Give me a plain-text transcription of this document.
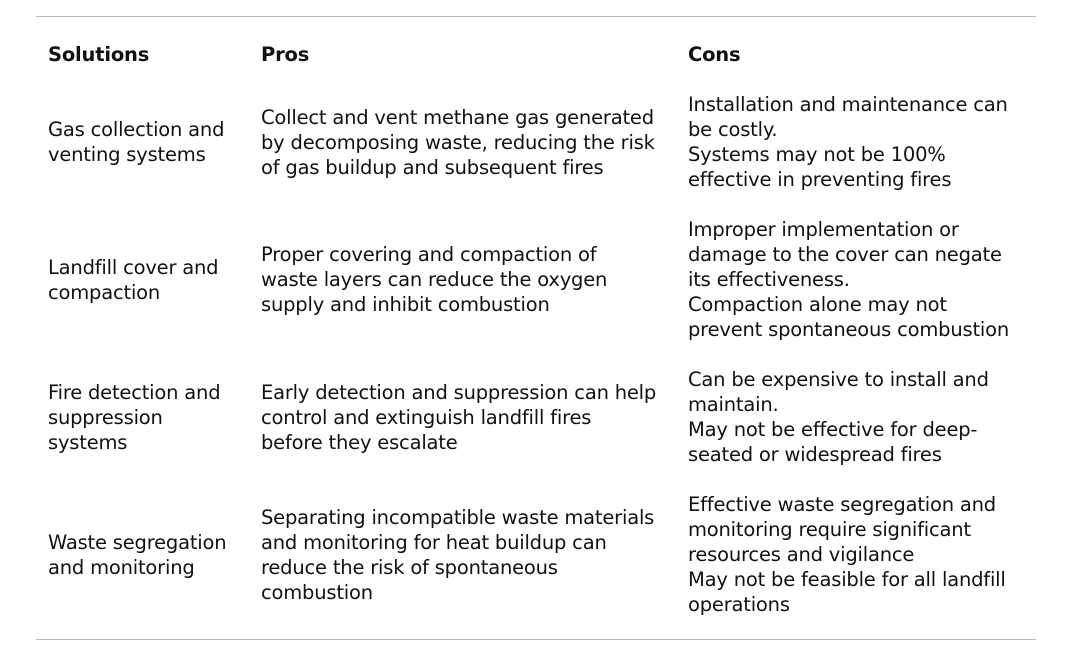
Solutions	Pros	Cons
Gas collection and
venting systems
Collect and vent methane gas generated
by decomposing waste, reducing the risk
of gas buildup and subsequent fires
Installation and maintenance can
be costly.
Systems may not be 100%
effective in preventing fires
Landfill cover and
compaction
Proper covering and compaction of
waste layers can reduce the oxygen
supply and inhibit combustion
Improper implementation or
damage to the cover can negate
its effectiveness.
Compaction alone may not
prevent spontaneous combustion
Fire detection and
suppression
systems
Early detection and suppression can help
control and extinguish landfill fires
before they escalate
Can be expensive to install and
maintain.
May not be effective for deep-
seated or widespread fires
Waste segregation
and monitoring
Separating incompatible waste materials
and monitoring for heat buildup can
reduce the risk of spontaneous
combustion
Effective waste segregation and
monitoring require significant
resources and vigilance
May not be feasible for all landfill
operations
